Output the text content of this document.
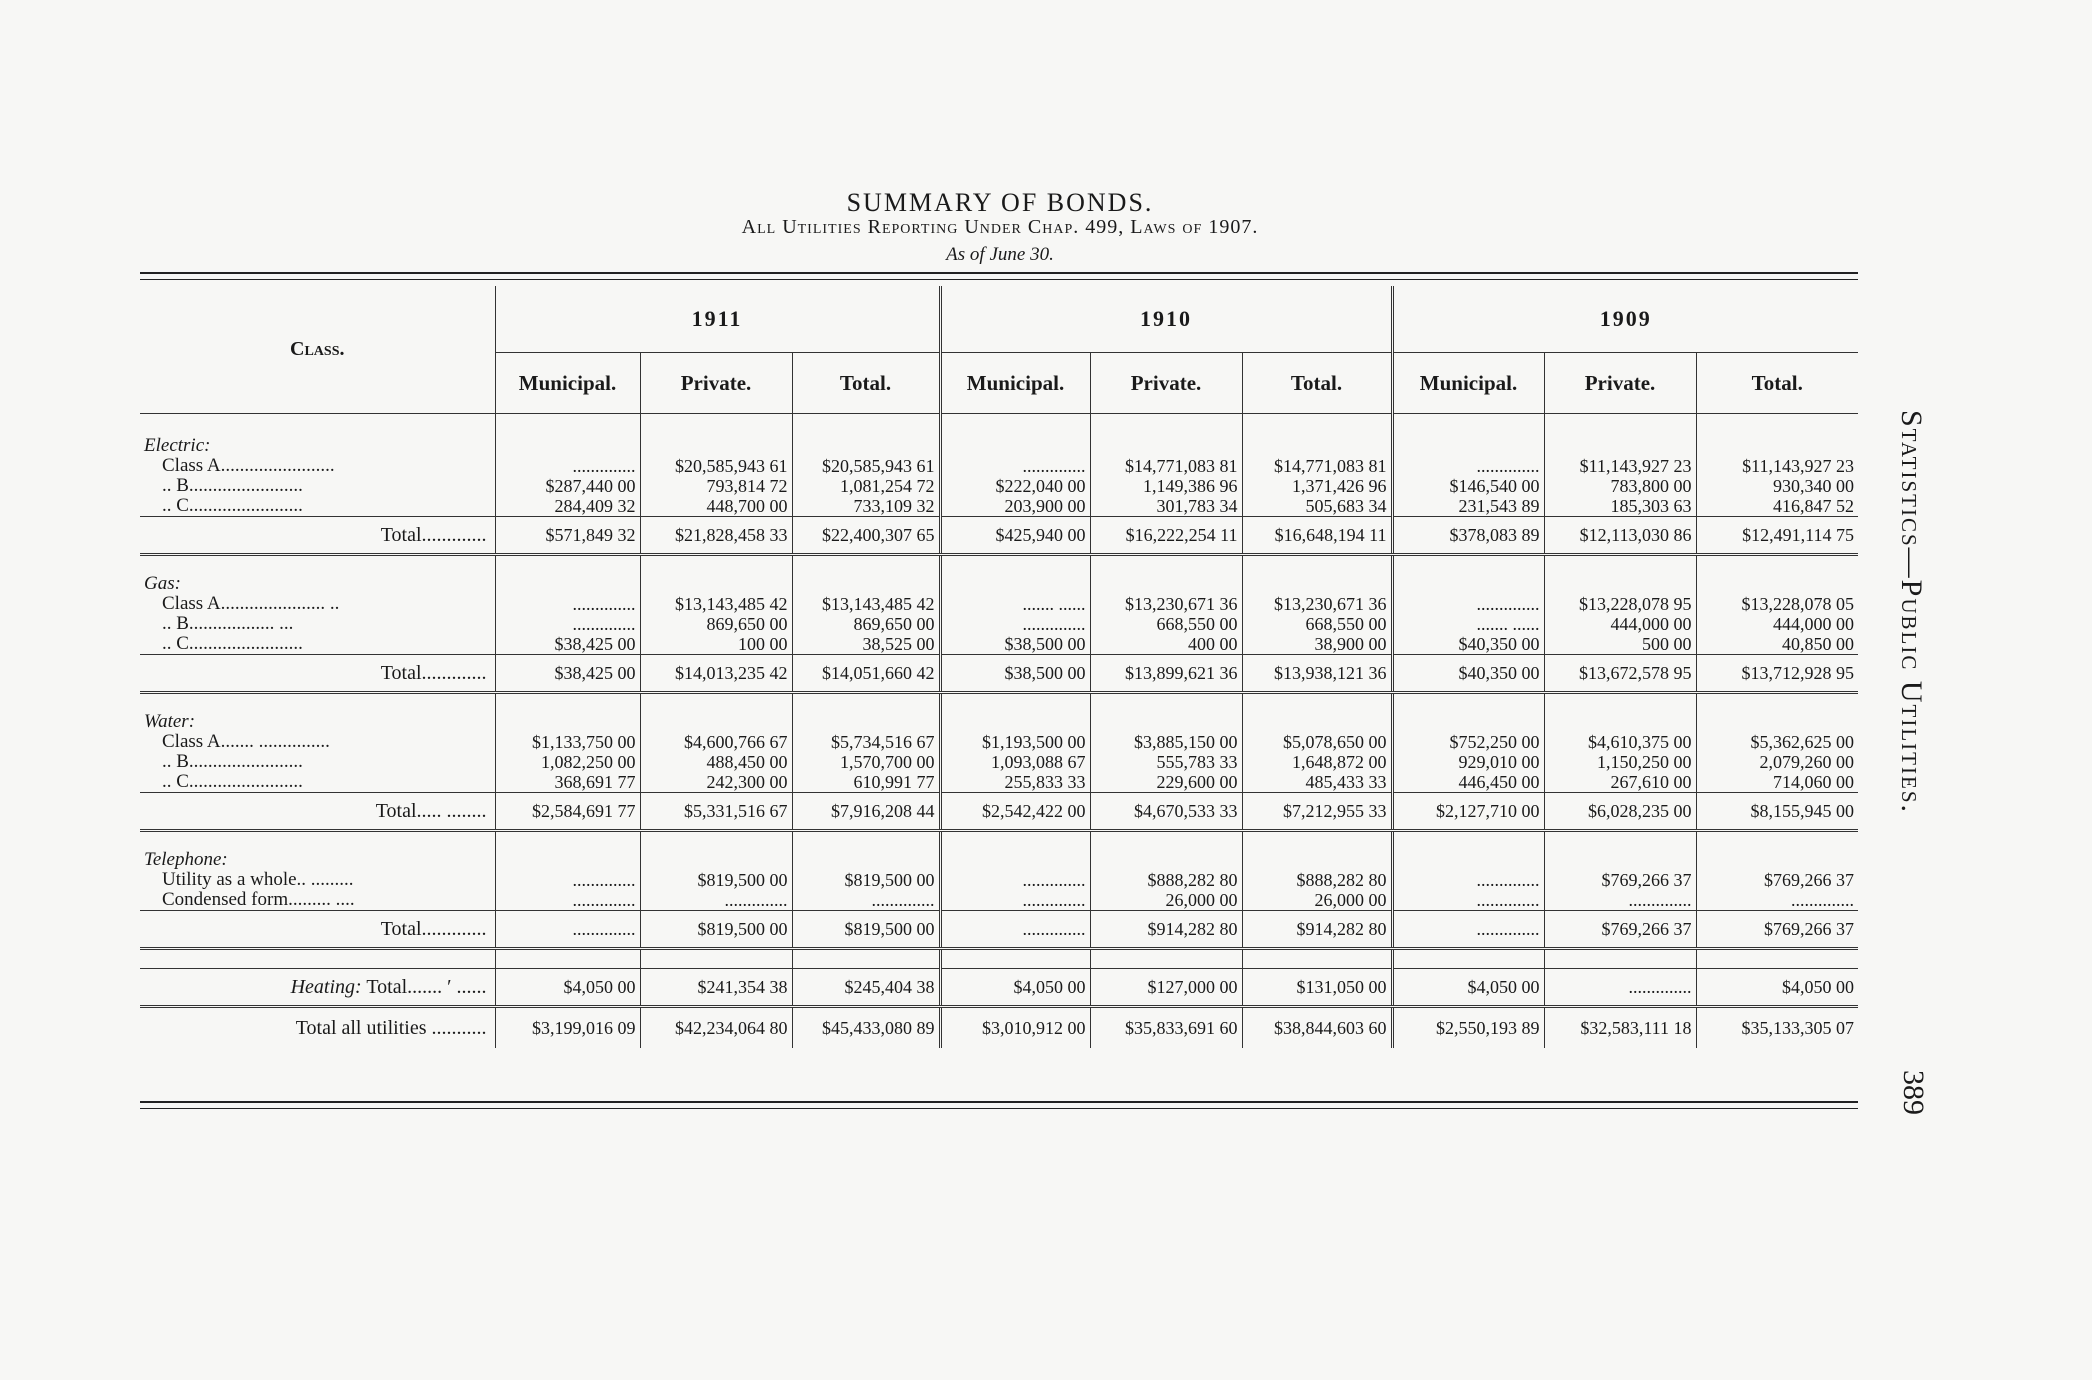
SUMMARY OF BONDS.
All Utilities Reporting Under Chap. 499, Laws of 1907.
As of June 30.
Class.	1911			1910			1909		
	Municipal.	Private.	Total.	Municipal.	Private.	Total.	Municipal.	Private.	Total.

Electric:									
Class A........................	..............	$20,585,943 61	$20,585,943 61	..............	$14,771,083 81	$14,771,083 81	..............	$11,143,927 23	$11,143,927 23
.. B........................	$287,440 00	793,814 72	1,081,254 72	$222,040 00	1,149,386 96	1,371,426 96	$146,540 00	783,800 00	930,340 00
.. C........................	284,409 32	448,700 00	733,109 32	203,900 00	301,783 34	505,683 34	231,543 89	185,303 63	416,847 52
Total.............	$571,849 32	$21,828,458 33	$22,400,307 65	$425,940 00	$16,222,254 11	$16,648,194 11	$378,083 89	$12,113,030 86	$12,491,114 75

Gas:									
Class A...................... ..	..............	$13,143,485 42	$13,143,485 42	....... ......	$13,230,671 36	$13,230,671 36	..............	$13,228,078 95	$13,228,078 05
.. B.................. ...	..............	869,650 00	869,650 00	..............	668,550 00	668,550 00	....... ......	444,000 00	444,000 00
.. C........................	$38,425 00	100 00	38,525 00	$38,500 00	400 00	38,900 00	$40,350 00	500 00	40,850 00
Total.............	$38,425 00	$14,013,235 42	$14,051,660 42	$38,500 00	$13,899,621 36	$13,938,121 36	$40,350 00	$13,672,578 95	$13,712,928 95

Water:									
Class A....... ...............	$1,133,750 00	$4,600,766 67	$5,734,516 67	$1,193,500 00	$3,885,150 00	$5,078,650 00	$752,250 00	$4,610,375 00	$5,362,625 00
.. B........................	1,082,250 00	488,450 00	1,570,700 00	1,093,088 67	555,783 33	1,648,872 00	929,010 00	1,150,250 00	2,079,260 00
.. C........................	368,691 77	242,300 00	610,991 77	255,833 33	229,600 00	485,433 33	446,450 00	267,610 00	714,060 00
Total..... ........	$2,584,691 77	$5,331,516 67	$7,916,208 44	$2,542,422 00	$4,670,533 33	$7,212,955 33	$2,127,710 00	$6,028,235 00	$8,155,945 00

Telephone:									
Utility as a whole.. .........	..............	$819,500 00	$819,500 00	..............	$888,282 80	$888,282 80	..............	$769,266 37	$769,266 37
Condensed form......... ....	..............	..............	..............	..............	26,000 00	26,000 00	..............	..............	..............
Total.............	..............	$819,500 00	$819,500 00	..............	$914,282 80	$914,282 80	..............	$769,266 37	$769,266 37

Heating: Total....... ′ ......	$4,050 00	$241,354 38	$245,404 38	$4,050 00	$127,000 00	$131,050 00	$4,050 00	..............	$4,050 00
Total all utilities ...........	$3,199,016 09	$42,234,064 80	$45,433,080 89	$3,010,912 00	$35,833,691 60	$38,844,603 60	$2,550,193 89	$32,583,111 18	$35,133,305 07
Statistics—Public Utilities.
389
